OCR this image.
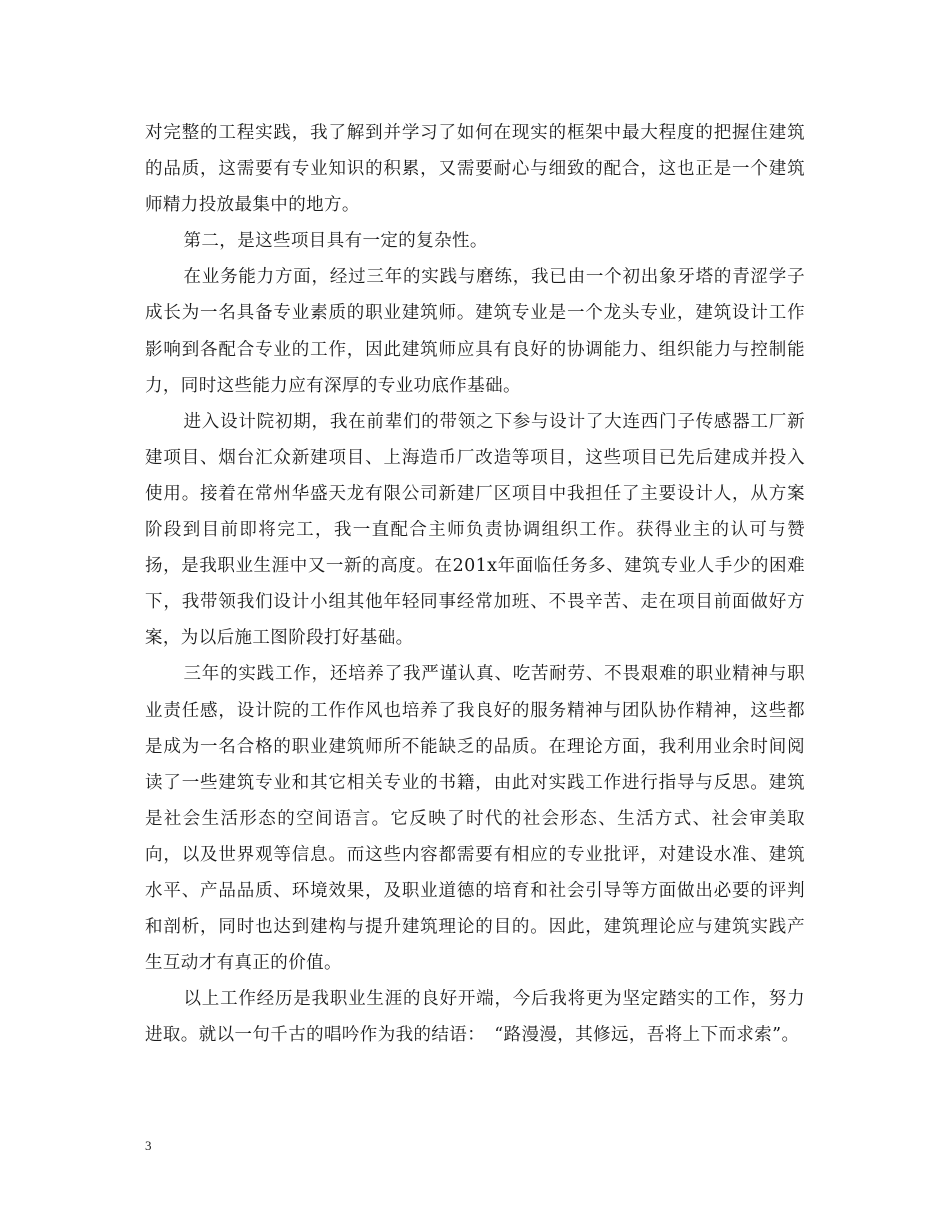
对完整的工程实践，我了解到并学习了如何在现实的框架中最大程度的把握住建筑的品质，这需要有专业知识的积累，又需要耐心与细致的配合，这也正是一个建筑师精力投放最集中的地方。

第二，是这些项目具有一定的复杂性。

在业务能力方面，经过三年的实践与磨练，我已由一个初出象牙塔的青涩学子成长为一名具备专业素质的职业建筑师。建筑专业是一个龙头专业，建筑设计工作影响到各配合专业的工作，因此建筑师应具有良好的协调能力、组织能力与控制能力，同时这些能力应有深厚的专业功底作基础。

进入设计院初期，我在前辈们的带领之下参与设计了大连西门子传感器工厂新建项目、烟台汇众新建项目、上海造币厂改造等项目，这些项目已先后建成并投入使用。接着在常州华盛天龙有限公司新建厂区项目中我担任了主要设计人，从方案阶段到目前即将完工，我一直配合主师负责协调组织工作。获得业主的认可与赞扬，是我职业生涯中又一新的高度。在201x年面临任务多、建筑专业人手少的困难下，我带领我们设计小组其他年轻同事经常加班、不畏辛苦、走在项目前面做好方案，为以后施工图阶段打好基础。

三年的实践工作，还培养了我严谨认真、吃苦耐劳、不畏艰难的职业精神与职业责任感，设计院的工作作风也培养了我良好的服务精神与团队协作精神，这些都是成为一名合格的职业建筑师所不能缺乏的品质。在理论方面，我利用业余时间阅读了一些建筑专业和其它相关专业的书籍，由此对实践工作进行指导与反思。建筑是社会生活形态的空间语言。它反映了时代的社会形态、生活方式、社会审美取向，以及世界观等信息。而这些内容都需要有相应的专业批评，对建设水准、建筑水平、产品品质、环境效果，及职业道德的培育和社会引导等方面做出必要的评判和剖析，同时也达到建构与提升建筑理论的目的。因此，建筑理论应与建筑实践产生互动才有真正的价值。

以上工作经历是我职业生涯的良好开端，今后我将更为坚定踏实的工作，努力进取。就以一句千古的唱吟作为我的结语：　“路漫漫，其修远，吾将上下而求索”。

3
